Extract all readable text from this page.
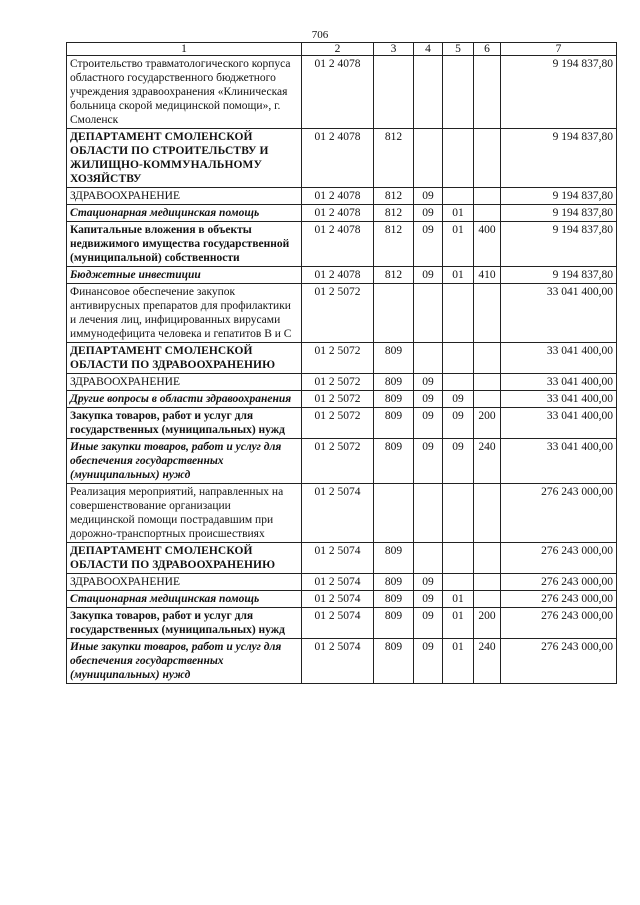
706
1	2	3	4	5	6	7
Строительство травматологического корпуса областного государственного бюджетного учреждения здравоохранения «Клиническая больница скорой медицинской помощи», г. Смоленск	01 2 4078					9 194 837,80
ДЕПАРТАМЕНТ СМОЛЕНСКОЙ ОБЛАСТИ ПО СТРОИТЕЛЬСТВУ И ЖИЛИЩНО-КОММУНАЛЬНОМУ ХОЗЯЙСТВУ	01 2 4078	812				9 194 837,80
ЗДРАВООХРАНЕНИЕ	01 2 4078	812	09			9 194 837,80
Стационарная медицинская помощь	01 2 4078	812	09	01		9 194 837,80
Капитальные вложения в объекты недвижимого имущества государственной (муниципальной) собственности	01 2 4078	812	09	01	400	9 194 837,80
Бюджетные инвестиции	01 2 4078	812	09	01	410	9 194 837,80
Финансовое обеспечение закупок антивирусных препаратов для профилактики и лечения лиц, инфицированных вирусами иммунодефицита человека и гепатитов В и С	01 2 5072					33 041 400,00
ДЕПАРТАМЕНТ СМОЛЕНСКОЙ ОБЛАСТИ ПО ЗДРАВООХРАНЕНИЮ	01 2 5072	809				33 041 400,00
ЗДРАВООХРАНЕНИЕ	01 2 5072	809	09			33 041 400,00
Другие вопросы в области здравоохранения	01 2 5072	809	09	09		33 041 400,00
Закупка товаров, работ и услуг для государственных (муниципальных) нужд	01 2 5072	809	09	09	200	33 041 400,00
Иные закупки товаров, работ и услуг для обеспечения государственных (муниципальных) нужд	01 2 5072	809	09	09	240	33 041 400,00
Реализация мероприятий, направленных на совершенствование организации медицинской помощи пострадавшим при дорожно-транспортных происшествиях	01 2 5074					276 243 000,00
ДЕПАРТАМЕНТ СМОЛЕНСКОЙ ОБЛАСТИ ПО ЗДРАВООХРАНЕНИЮ	01 2 5074	809				276 243 000,00
ЗДРАВООХРАНЕНИЕ	01 2 5074	809	09			276 243 000,00
Стационарная медицинская помощь	01 2 5074	809	09	01		276 243 000,00
Закупка товаров, работ и услуг для государственных (муниципальных) нужд	01 2 5074	809	09	01	200	276 243 000,00
Иные закупки товаров, работ и услуг для обеспечения государственных (муниципальных) нужд	01 2 5074	809	09	01	240	276 243 000,00
